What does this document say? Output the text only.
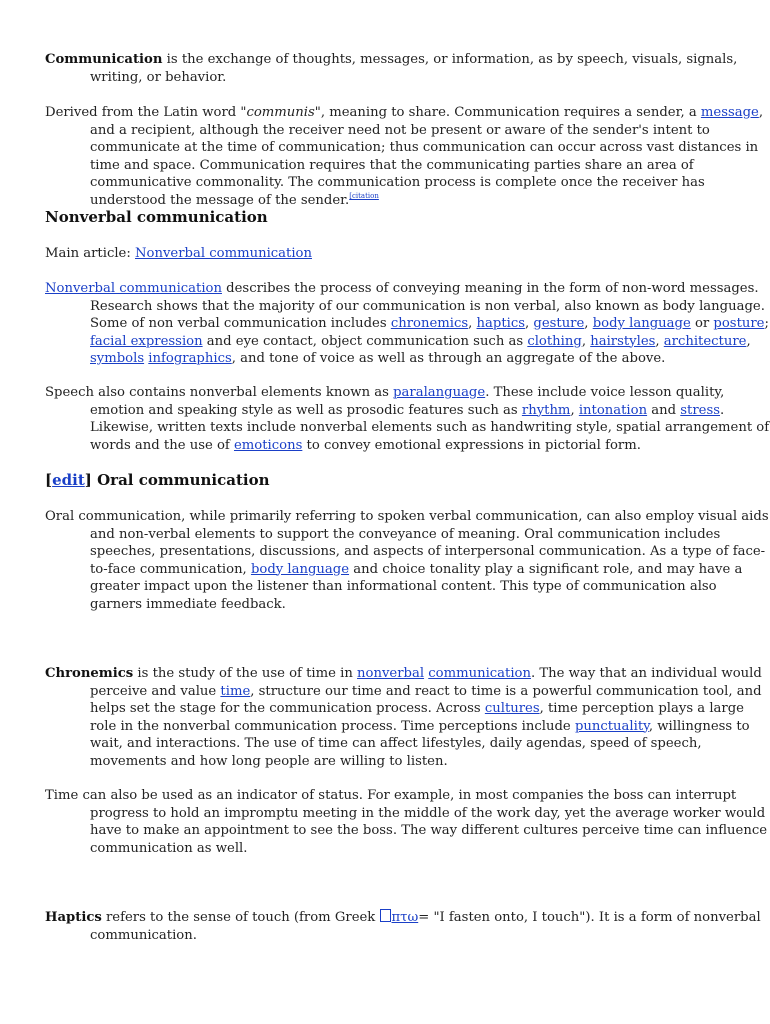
Communication is the exchange of thoughts, messages, or information, as by speech, visuals, signals, writing, or behavior.

Derived from the Latin word "communis", meaning to share. Communication requires a sender, a message, and a recipient, although the receiver need not be present or aware of the sender's intent to communicate at the time of communication; thus communication can occur across vast distances in time and space. Communication requires that the communicating parties share an area of communicative commonality. The communication process is complete once the receiver has understood the message of the sender.$^{[citation}$

Nonverbal communication

Main article: Nonverbal communication

Nonverbal communication describes the process of conveying meaning in the form of non-word messages. Research shows that the majority of our communication is non verbal, also known as body language. Some of non verbal communication includes chronemics, haptics, gesture, body language or posture; facial expression and eye contact, object communication such as clothing, hairstyles, architecture, symbols infographics, and tone of voice as well as through an aggregate of the above.

Speech also contains nonverbal elements known as paralanguage. These include voice lesson quality, emotion and speaking style as well as prosodic features such as rhythm, intonation and stress. Likewise, written texts include nonverbal elements such as handwriting style, spatial arrangement of words and the use of emoticons to convey emotional expressions in pictorial form.

[edit] Oral communication

Oral communication, while primarily referring to spoken verbal communication, can also employ visual aids and non-verbal elements to support the conveyance of meaning. Oral communication includes speeches, presentations, discussions, and aspects of interpersonal communication. As a type of face-to-face communication, body language and choice tonality play a significant role, and may have a greater impact upon the listener than informational content. This type of communication also garners immediate feedback.

Chronemics is the study of the use of time in nonverbal communication. The way that an individual would perceive and value time, structure our time and react to time is a powerful communication tool, and helps set the stage for the communication process. Across cultures, time perception plays a large role in the nonverbal communication process. Time perceptions include punctuality, willingness to wait, and interactions. The use of time can affect lifestyles, daily agendas, speed of speech, movements and how long people are willing to listen.

Time can also be used as an indicator of status. For example, in most companies the boss can interrupt progress to hold an impromptu meeting in the middle of the work day, yet the average worker would have to make an appointment to see the boss. The way different cultures perceive time can influence communication as well.

Haptics refers to the sense of touch (from Greek πτω= "I fasten onto, I touch"). It is a form of nonverbal communication.
